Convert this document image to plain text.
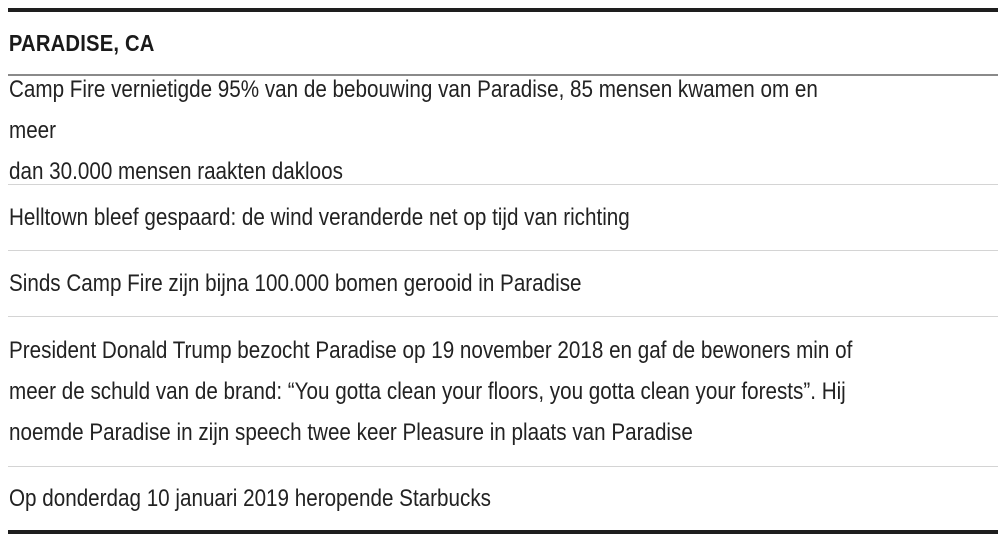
PARADISE, CA
Camp Fire vernietigde 95% van de bebouwing van Paradise, 85 mensen kwamen om en meer
dan 30.000 mensen raakten dakloos
Helltown bleef gespaard: de wind veranderde net op tijd van richting
Sinds Camp Fire zijn bijna 100.000 bomen gerooid in Paradise
President Donald Trump bezocht Paradise op 19 november 2018 en gaf de bewoners min of
meer de schuld van de brand: “You gotta clean your floors, you gotta clean your forests”. Hij
noemde Paradise in zijn speech twee keer Pleasure in plaats van Paradise
Op donderdag 10 januari 2019 heropende Starbucks
